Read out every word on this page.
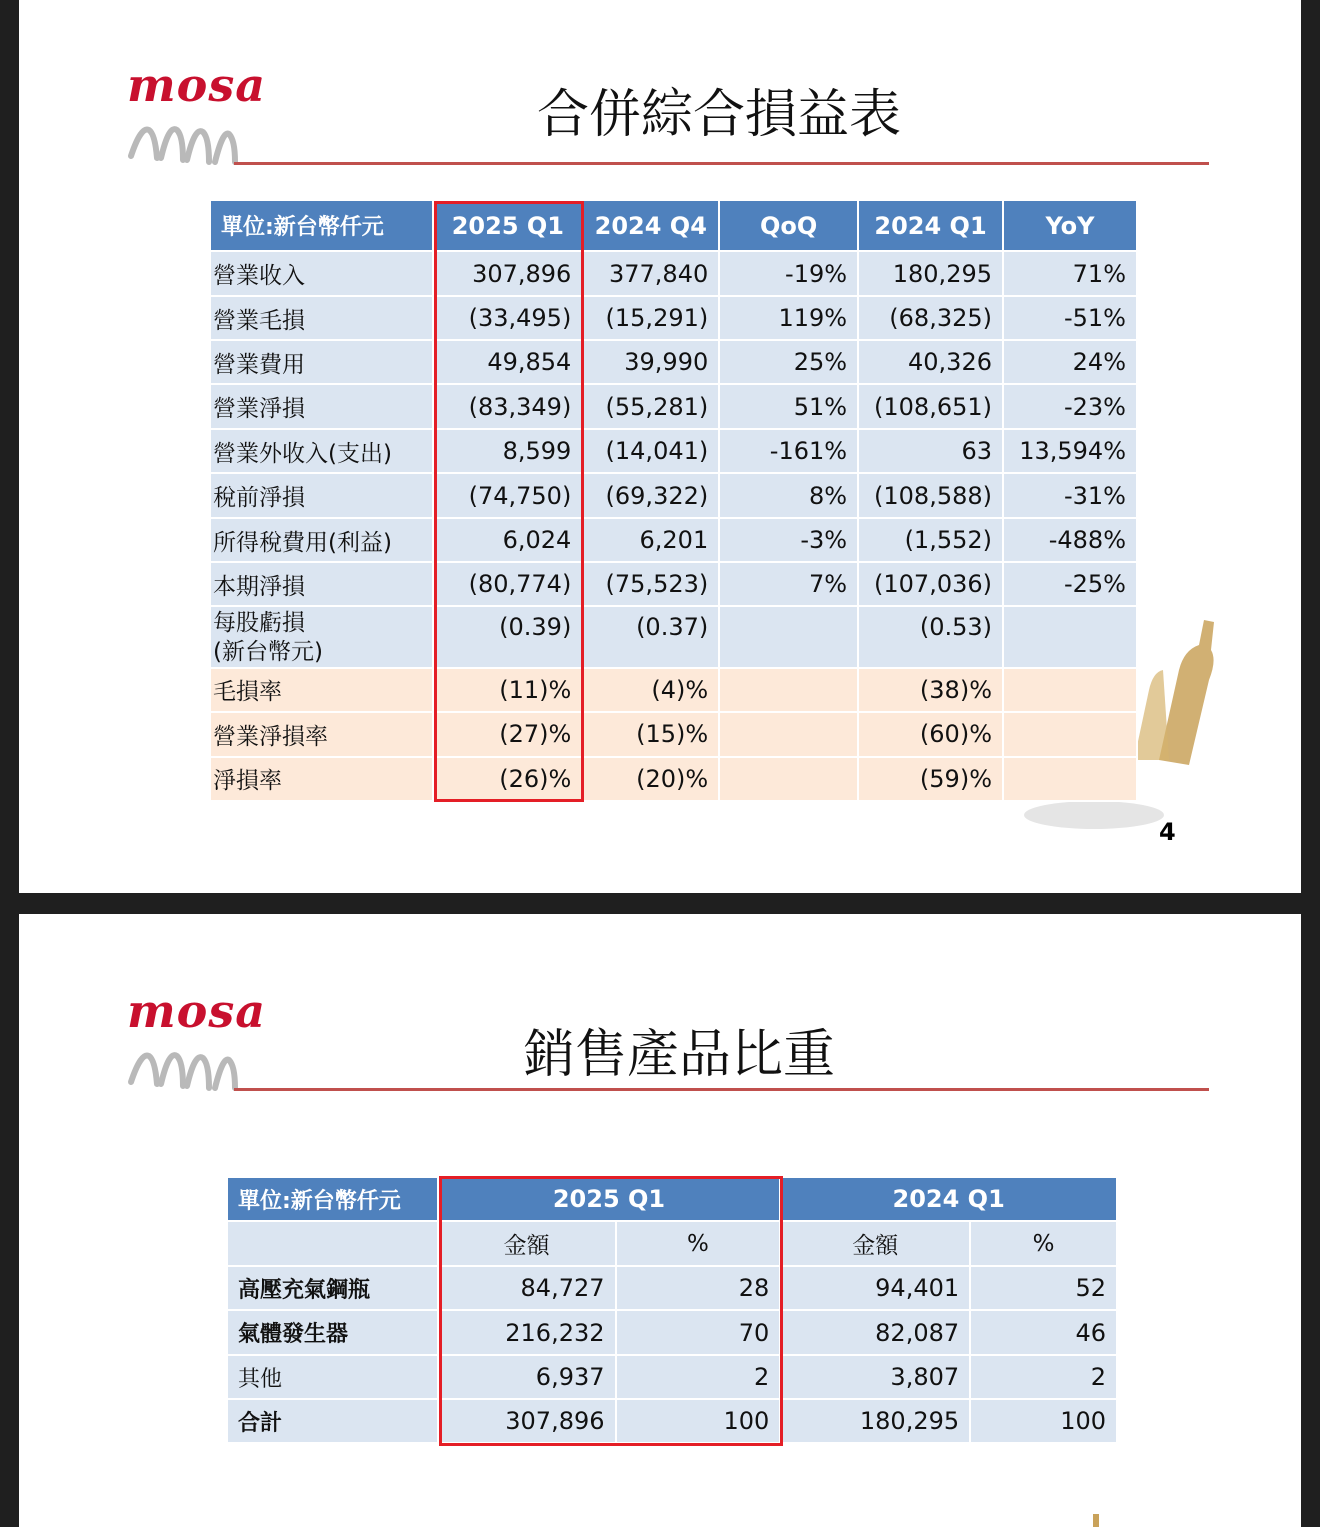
mosa	合併綜合損益表
單位:新台幣仟元	2025 Q1	2024 Q4	QoQ	2024 Q1	YoY
營業收入	307,896	377,840	-19%	180,295	71%
營業毛損	(33,495)	(15,291)	119%	(68,325)	-51%
營業費用	49,854	39,990	25%	40,326	24%
營業淨損	(83,349)	(55,281)	51%	(108,651)	-23%
營業外收入(支出)	8,599	(14,041)	-161%	63	13,594%
稅前淨損	(74,750)	(69,322)	8%	(108,588)	-31%
所得稅費用(利益)	6,024	6,201	-3%	(1,552)	-488%
本期淨損	(80,774)	(75,523)	7%	(107,036)	-25%

每股虧損
(新台幣元)	(0.39)	(0.37)		(0.53)	
毛損率	(11)%	(4)%		(38)%	
營業淨損率	(27)%	(15)%		(60)%	
淨損率	(26)%	(20)%		(59)%	
4
mosa
銷售產品比重
單位:新台幣仟元	2025 Q1		2024 Q1	
	金額	%	金額	%
高壓充氣鋼瓶	84,727	28	94,401	52
氣體發生器	216,232	70	82,087	46
其他	6,937	2	3,807	2
合計	307,896	100	180,295	100
